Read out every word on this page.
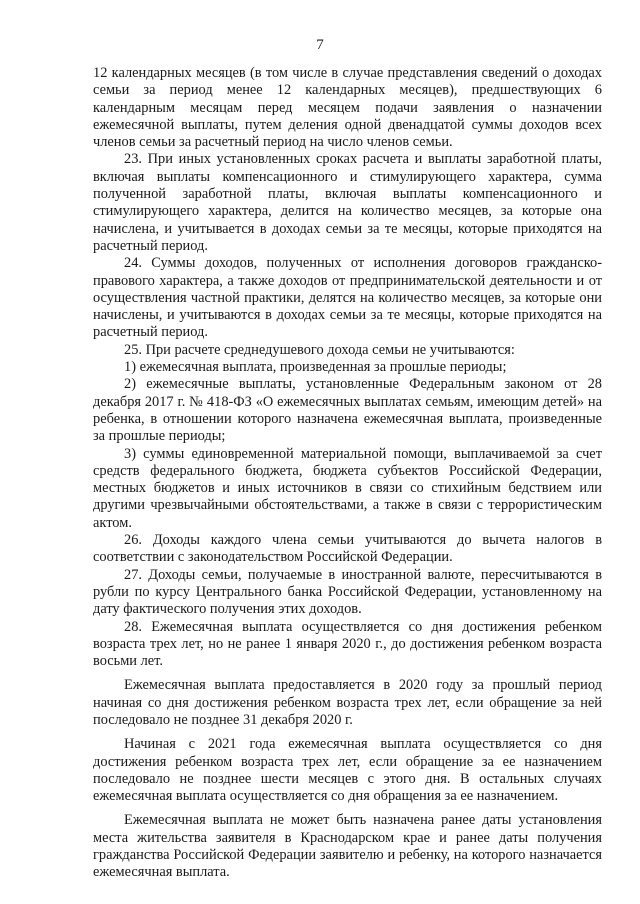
7

12 календарных месяцев (в том числе в случае представления сведений о доходах семьи за период менее 12 календарных месяцев), предшествующих 6 календарным месяцам перед месяцем подачи заявления о назначении ежемесячной выплаты, путем деления одной двенадцатой суммы доходов всех членов семьи за расчетный период на число членов семьи.

23. При иных установленных сроках расчета и выплаты заработной платы, включая выплаты компенсационного и стимулирующего характера, сумма полученной заработной платы, включая выплаты компенсационного и стимулирующего характера, делится на количество месяцев, за которые она начислена, и учитывается в доходах семьи за те месяцы, которые приходятся на расчетный период.

24. Суммы доходов, полученных от исполнения договоров гражданско-правового характера, а также доходов от предпринимательской деятельности и от осуществления частной практики, делятся на количество месяцев, за которые они начислены, и учитываются в доходах семьи за те месяцы, которые приходятся на расчетный период.

25. При расчете среднедушевого дохода семьи не учитываются:

1) ежемесячная выплата, произведенная за прошлые периоды;

2) ежемесячные выплаты, установленные Федеральным законом от 28 декабря 2017 г. № 418-ФЗ «О ежемесячных выплатах семьям, имеющим детей» на ребенка, в отношении которого назначена ежемесячная выплата, произведенные за прошлые периоды;

3) суммы единовременной материальной помощи, выплачиваемой за счет средств федерального бюджета, бюджета субъектов Российской Федерации, местных бюджетов и иных источников в связи со стихийным бедствием или другими чрезвычайными обстоятельствами, а также в связи с террористическим актом.

26. Доходы каждого члена семьи учитываются до вычета налогов в соответствии с законодательством Российской Федерации.

27. Доходы семьи, получаемые в иностранной валюте, пересчитываются в рубли по курсу Центрального банка Российской Федерации, установленному на дату фактического получения этих доходов.

28. Ежемесячная выплата осуществляется со дня достижения ребенком возраста трех лет, но не ранее 1 января 2020 г., до достижения ребенком возраста восьми лет.

Ежемесячная выплата предоставляется в 2020 году за прошлый период начиная со дня достижения ребенком возраста трех лет, если обращение за ней последовало не позднее 31 декабря 2020 г.

Начиная с 2021 года ежемесячная выплата осуществляется со дня достижения ребенком возраста трех лет, если обращение за ее назначением последовало не позднее шести месяцев с этого дня. В остальных случаях ежемесячная выплата осуществляется со дня обращения за ее назначением.

Ежемесячная выплата не может быть назначена ранее даты установления места жительства заявителя в Краснодарском крае и ранее даты получения гражданства Российской Федерации заявителю и ребенку, на которого назначается ежемесячная выплата.
